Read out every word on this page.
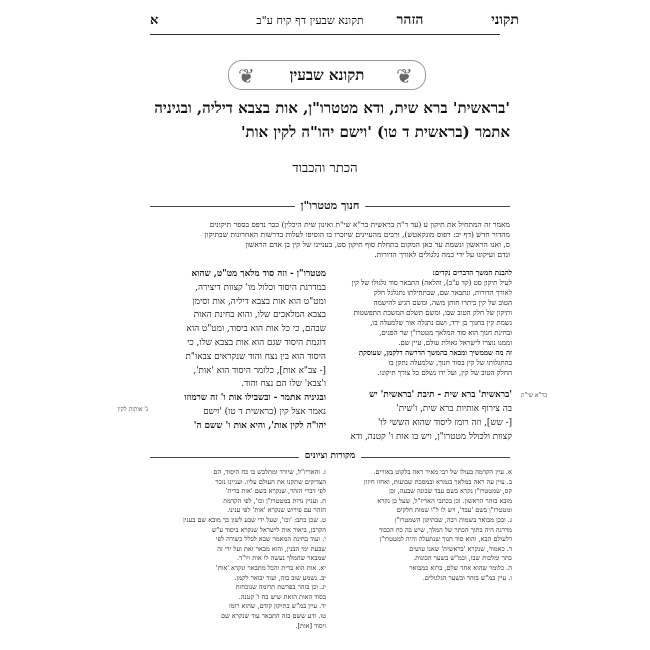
תקוני
תקונא שבעין דף קיח ע"ב	הזהר
א
❦ תקונא שבעין ❦
'בראשית' ברא שית, ודא מטטרו"ן, אות בצבא דיליה, ובגיניה אתמר (בראשית ד טו) 'וישם יהו"ה לקין אות'
הכתר והכבוד
חנוך מטטרו"ן
מאמר זה המתחיל את תיקון ע (עד ד"ה בראשית בר"א שי"ת ואינון שית היכלין) כבר נדפס בספר תיקונים
מהדור חדש (דף יב: דפוס מונקאטש), ורבים מהעיינים שיזכרו בו הוסיפו לעלות בדרשות האחרונות שבתיקון
ס, ואנו הראשון ונשמת עד כאן המקום בתחלת סוף תיקון סט, בעניינו של קין בן אדם הראשון
ונדם ועיקונו על ידי כמה גלגולים לאורך הדורות.
להבנת המשך הדברים נקדים:
לעיל תיקון סט (קד ע"ב), והלאה) התבאר סוד גלגולו של קין
לאורך הדורות, ונתבאר שם, שבתחילתו נתגלגל חלק
הטוב של קין ביתרו חותן משה, ומשם הגיע להישמה
ותיקון של חלק הטוב שבו, ומשם תשלם המשכת התפשטות
נשמת קין בחנוך בן ירד, ושם נתגלה אור שלמעלה בו,
ובחינת חנוך הוא סוד המלאך מטטרו"ן שר הפנים,
וממנו נוצרו לישראל גאולת עולם, עיין שם.
זה מה שממשיך ומבאר בהמשך הדרשה דלקמן, שעוסקת
בהתגלותו של קין בסוד חנוך, שלמעלה נתקן בו
החלק הטוב של קין, ועל ידו נשלם כל צורך תיקונו.
'בראשית' ברא שית - תיבת 'בראשית' יש
בה צירוף אותיות ברא שית, ו'שית'
[- שש], וזה רומז ליסוד שהוא הששי לו'
קצוות ולכולל מטטרו"ן, ויש בו אות ו' קטנה, ודא
בר"א שי"ת
מטטרו"ן - וזה סוד מלאך מט"ט, שהוא
במדרגת היסוד וכלול מו' קצוות דיצירה,
ומט"ט הוא אות בצבא דיליה, אות וסימן
בצבא המלאכים שלו, והוא בחינת האות
שבהם, כי כל אות הוא ביסוד, ומט"ט הוא
דוגמת היסוד שגם הוא אות בצבא שלו, כי
היסוד הוא בין נצח והוד שנקראים צבאו"ת
[- צב"א אות], כלומר היסוד הוא 'אות',
ו'צבא' שלו הם נצח והוד.
ובגיניה אתמר - ובשבילו אות ו' זה שרמוזו
נאמר אצל קין (בראשית ד טו) 'וישם
יהו"ה לקין אות', והיא אות ו' ששם ה'
ג' אותות לקין
מקורות וציונים
א. עיין הקדמה בעולו של רבי מאיר ראה בלקוט באורים.
ב. עיין עה ראה במלאך בגמרא ובמסכת שבועות, ואחזו חיזון
קס, שמטטרו"ן נקרא בשם עבד שבונה שבעה, וכן
מובא בזהר הראשון. וכן בכתבי האריז"ל, שעל כן נקרא
ומטטרו"ן בשם 'עבד', ויש לו ל"ו שמות חלקים
ג. ובכן מבואר בשמות רבה, שבתיקון השמטרו"ן
מדרגה היה בתוך הכתר של המלך, שיש בה כח הכבוד
דלעולם הבא, והוא סוד חנוך שנתעלה והיה למטטרו"ן
ד. כאמור, שנקרא 'בראשית' שאנו עושים
כתר ומלכות שבו, וכמ"ש בשער הכונות.
ה. כלומר שהוא אחד שלם, ברזא כמבואר
ו. עיין במ"ש בזהר ובשער הגלגולים.
ז. והאריז"ל, שיורד ומתלבש בו כח היסוד, הם
הצדיקים שתקנו את העולם עליו. ועניינו נזכר
לפי דברי הזהר, שנקרא בשם 'אות ברית'
ח. ועניין נרות במטטרו"ן וכו', לפי הקדמת
הזהר עם פירוש שנקרא 'אות' לפי ענינו.
ט. שכן כתב: 'וכו', שעל ידי שבע לשון כך מובא שם בענין
הקרבן, ביאור אות לישראל שנקרא ביסוד ע"ש
י. ועוד בחינת המאמר שבא לכלל כשורה לפי
שבעת ימי הבנין, והוא מבאר זאת ועל ידי זה
שמבאר שהמלך נעשה לו אות ויו"ד.
יא. אות הוא ברית והכל מתבאר ונקרא 'אות'
יב. נשמע שוב בזה, ועוד יבואר לקמן.
יג. וכן בזהר בפרשת תרומה שנוכחות
בסוד האות הזאת שיש בה ו' קטנה.
יד. עיין במ"ש בתיקון קודם, שהוא רומז
טו. ודע ששם בזה התבאר עוד שנקרא שם
ויסוד [אות].
